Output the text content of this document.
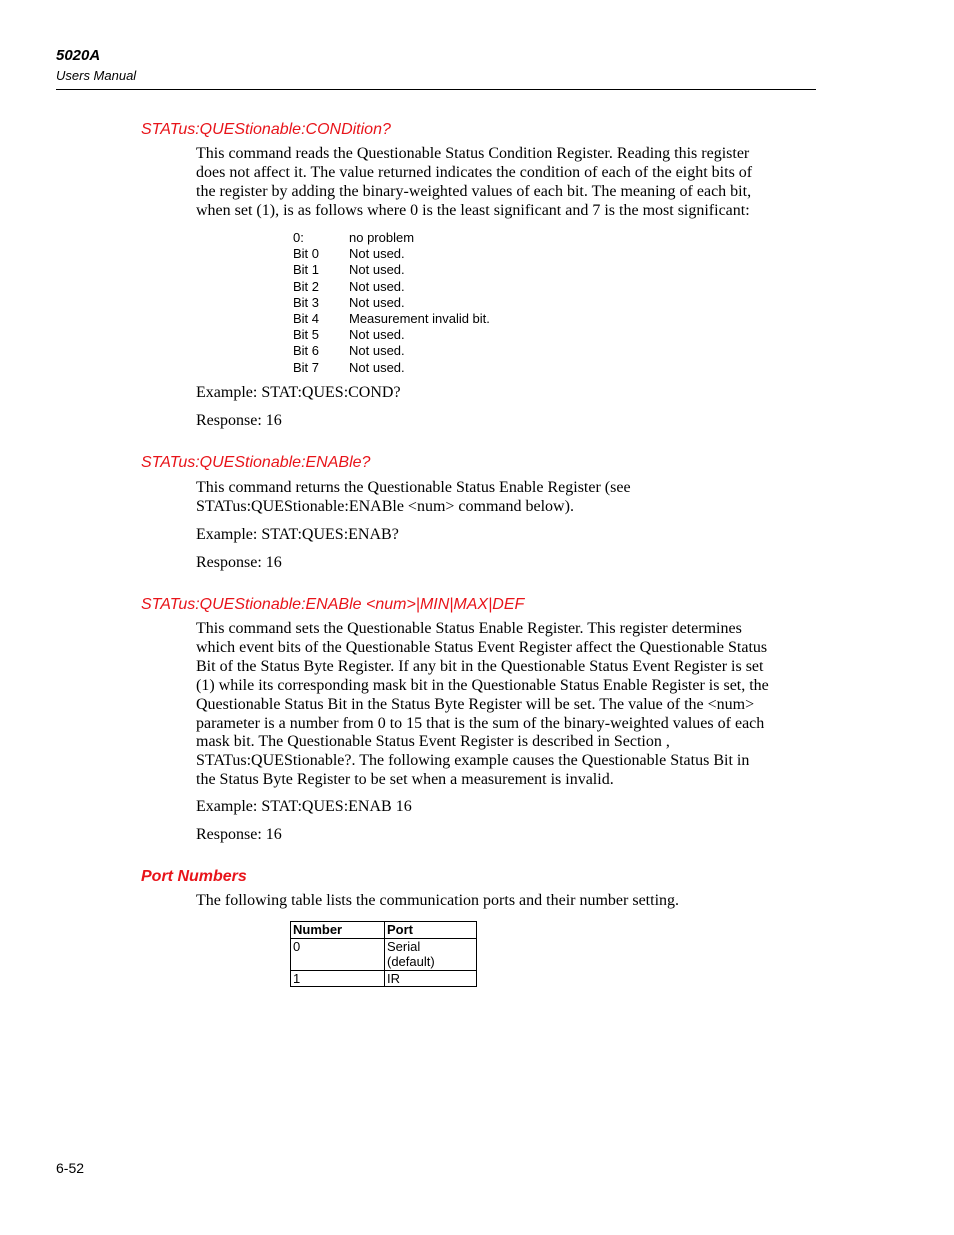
5020A
Users Manual
STATus:QUEStionable:CONDition?
This command reads the Questionable Status Condition Register. Reading this register
does not affect it. The value returned indicates the condition of each of the eight bits of
the register by adding the binary-weighted values of each bit. The meaning of each bit,
when set (1), is as follows where 0 is the least significant and 7 is the most significant:
0:	no problem
Bit 0	Not used.
Bit 1	Not used.
Bit 2	Not used.
Bit 3	Not used.
Bit 4	Measurement invalid bit.
Bit 5	Not used.
Bit 6	Not used.
Bit 7	Not used.
Example: STAT:QUES:COND?
Response: 16
STATus:QUEStionable:ENABle?
This command returns the Questionable Status Enable Register (see
STATus:QUEStionable:ENABle <num> command below).
Example: STAT:QUES:ENAB?
Response: 16
STATus:QUEStionable:ENABle <num>|MIN|MAX|DEF
This command sets the Questionable Status Enable Register. This register determines
which event bits of the Questionable Status Event Register affect the Questionable Status
Bit of the Status Byte Register. If any bit in the Questionable Status Event Register is set
(1) while its corresponding mask bit in the Questionable Status Enable Register is set, the
Questionable Status Bit in the Status Byte Register will be set. The value of the <num>
parameter is a number from 0 to 15 that is the sum of the binary-weighted values of each
mask bit. The Questionable Status Event Register is described in Section ,
STATus:QUEStionable?. The following example causes the Questionable Status Bit in
the Status Byte Register to be set when a measurement is invalid.
Example: STAT:QUES:ENAB 16
Response: 16
Port Numbers
The following table lists the communication ports and their number setting.
Number	Port
0	Serial
(default)

1	IR
6-52
